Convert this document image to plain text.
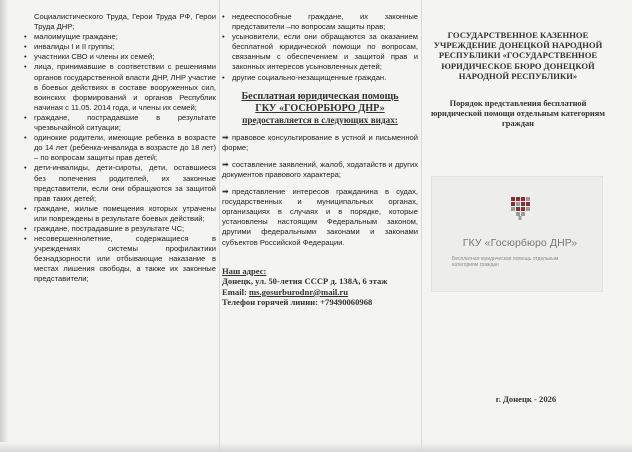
Социалистического Труда, Герои Труда РФ, Герои Труда ДНР;
• малоимущие граждане;
• инвалиды I и II группы;
• участники СВО и члены их семей;
• лица, принимавшие в соответствии с решениями органов государственной власти ДНР, ЛНР участие в боевых действиях в составе вооруженных сил, воинских формирований и органов Республик начиная с 11.05. 2014 года, и члены их семей;
• граждане, пострадавшие в результате чрезвычайной ситуации;
• одинокие родители, имеющие ребенка в возрасте до 14 лет (ребенка-инвалида в возрасте до 18 лет) – по вопросам защиты прав детей;
• дети-инвалиды, дети-сироты, дети, оставшиеся без попечения родителей, их законные представители, если они обращаются за защитой прав таких детей;
• граждане, жилые помещения которых утрачены или повреждены в результате боевых действий;
• граждане, пострадавшие в результате ЧС;
• несовершеннолетние, содержащиеся в учреждениях системы профилактики безнадзорности или отбывающие наказание в местах лишения свободы, а также их законные представители;
• недееспособные граждане, их законные представители –по вопросам защиты прав;
• усыновители, если они обращаются за оказанием бесплатной юридической помощи по вопросам, связанным с обеспечением и защитой прав и законных интересов усыновленных детей;
• другие социально-незащищенные граждан.
Бесплатная юридическая помощь
ГКУ «ГОСЮРБЮРО ДНР»
предоставляется в следующих видах:
➡ правовое консультирование в устной и письменной форме;
➡ составление заявлений, жалоб, ходатайств и других документов правового характера;
➡ представление интересов гражданина в судах, государственных и муниципальных органах, организациях в случаях и в порядке, которые установлены настоящим Федеральным законом, другими федеральными законами и законами субъектов Российской Федерации.
Наш адрес:
Донецк, ул. 50-летия СССР д. 138А, 6 этаж
Email: ms.gosurburodnr@mail.ru
Телефон горячей линии: +79490060968
ГОСУДАРСТВЕННОЕ КАЗЕННОЕ УЧРЕЖДЕНИЕ ДОНЕЦКОЙ НАРОДНОЙ РЕСПУБЛИКИ «ГОСУДАРСТВЕННОЕ ЮРИДИЧЕСКОЕ БЮРО ДОНЕЦКОЙ НАРОДНОЙ РЕСПУБЛИКИ»
Порядок представления бесплатной юридической помощи отдельным категориям граждан
ГКУ «Госюрбюро ДНР»
Бесплатная юридическая помощь отдельным категориям граждан
г. Донецк - 2026
